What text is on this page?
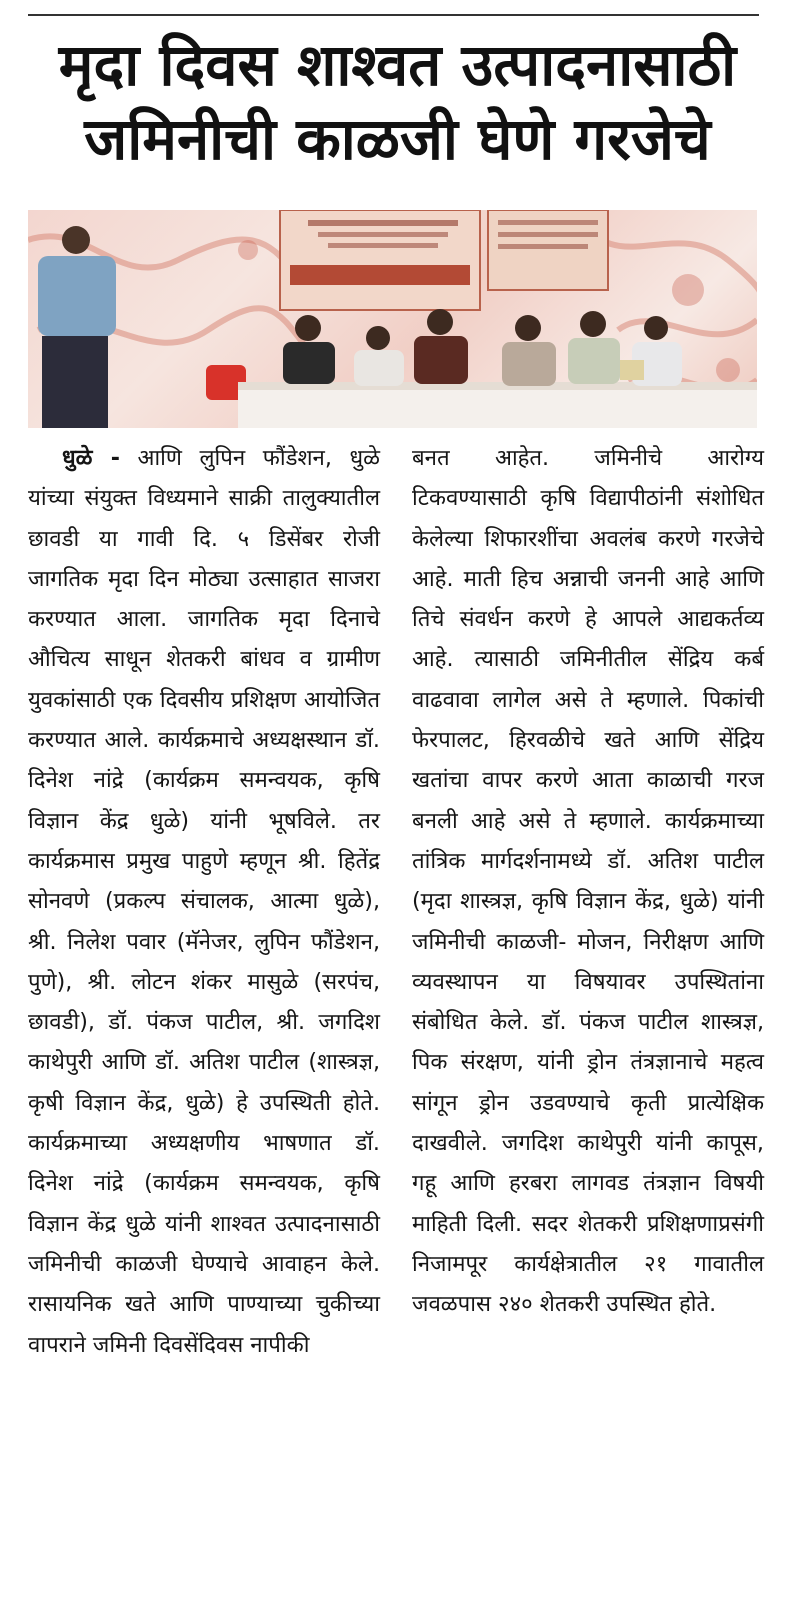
मृदा दिवस शाश्वत उत्पादनासाठी
जमिनीची काळजी घेणे गरजेचे

धुळे - आणि लुपिन फौंडेशन, धुळे यांच्या संयुक्त विध्यमाने साक्री तालुक्यातील छावडी या गावी दि. ५ डिसेंबर रोजी जागतिक मृदा दिन मोठ्या उत्साहात साजरा करण्यात आला. जागतिक मृदा दिनाचे औचित्य साधून शेतकरी बांधव व ग्रामीण युवकांसाठी एक दिवसीय प्रशिक्षण आयोजित करण्यात आले. कार्यक्रमाचे अध्यक्षस्थान डॉ. दिनेश नांद्रे (कार्यक्रम समन्वयक, कृषि विज्ञान केंद्र धुळे) यांनी भूषविले. तर कार्यक्रमास प्रमुख पाहुणे म्हणून श्री. हितेंद्र सोनवणे (प्रकल्प संचालक, आत्मा धुळे), श्री. निलेश पवार (मॅनेजर, लुपिन फौंडेशन, पुणे), श्री. लोटन शंकर मासुळे (सरपंच, छावडी), डॉ. पंकज पाटील, श्री. जगदिश काथेपुरी आणि डॉ. अतिश पाटील (शास्त्रज्ञ, कृषी विज्ञान केंद्र, धुळे) हे उपस्थिती होते. कार्यक्रमाच्या अध्यक्षणीय भाषणात डॉ. दिनेश नांद्रे (कार्यक्रम समन्वयक, कृषि विज्ञान केंद्र धुळे यांनी शाश्वत उत्पादनासाठी जमिनीची काळजी घेण्याचे आवाहन केले. रासायनिक खते आणि पाण्याच्या चुकीच्या वापराने जमिनी दिवसेंदिवस नापीकी

बनत आहेत. जमिनीचे आरोग्य टिकवण्यासाठी कृषि विद्यापीठांनी संशोधित केलेल्या शिफारशींचा अवलंब करणे गरजेचे आहे. माती हिच अन्नाची जननी आहे आणि तिचे संवर्धन करणे हे आपले आद्यकर्तव्य आहे. त्यासाठी जमिनीतील सेंद्रिय कर्ब वाढवावा लागेल असे ते म्हणाले. पिकांची फेरपालट, हिरवळीचे खते आणि सेंद्रिय खतांचा वापर करणे आता काळाची गरज बनली आहे असे ते म्हणाले. कार्यक्रमाच्या तांत्रिक मार्गदर्शनामध्ये डॉ. अतिश पाटील (मृदा शास्त्रज्ञ, कृषि विज्ञान केंद्र, धुळे) यांनी जमिनीची काळजी- मोजन, निरीक्षण आणि व्यवस्थापन या विषयावर उपस्थितांना संबोधित केले. डॉ. पंकज पाटील शास्त्रज्ञ, पिक संरक्षण, यांनी ड्रोन तंत्रज्ञानाचे महत्व सांगून ड्रोन उडवण्याचे कृती प्रात्येक्षिक दाखवीले. जगदिश काथेपुरी यांनी कापूस, गहू आणि हरबरा लागवड तंत्रज्ञान विषयी माहिती दिली. सदर शेतकरी प्रशिक्षणाप्रसंगी निजामपूर कार्यक्षेत्रातील २१ गावातील जवळपास २४० शेतकरी उपस्थित होते.
